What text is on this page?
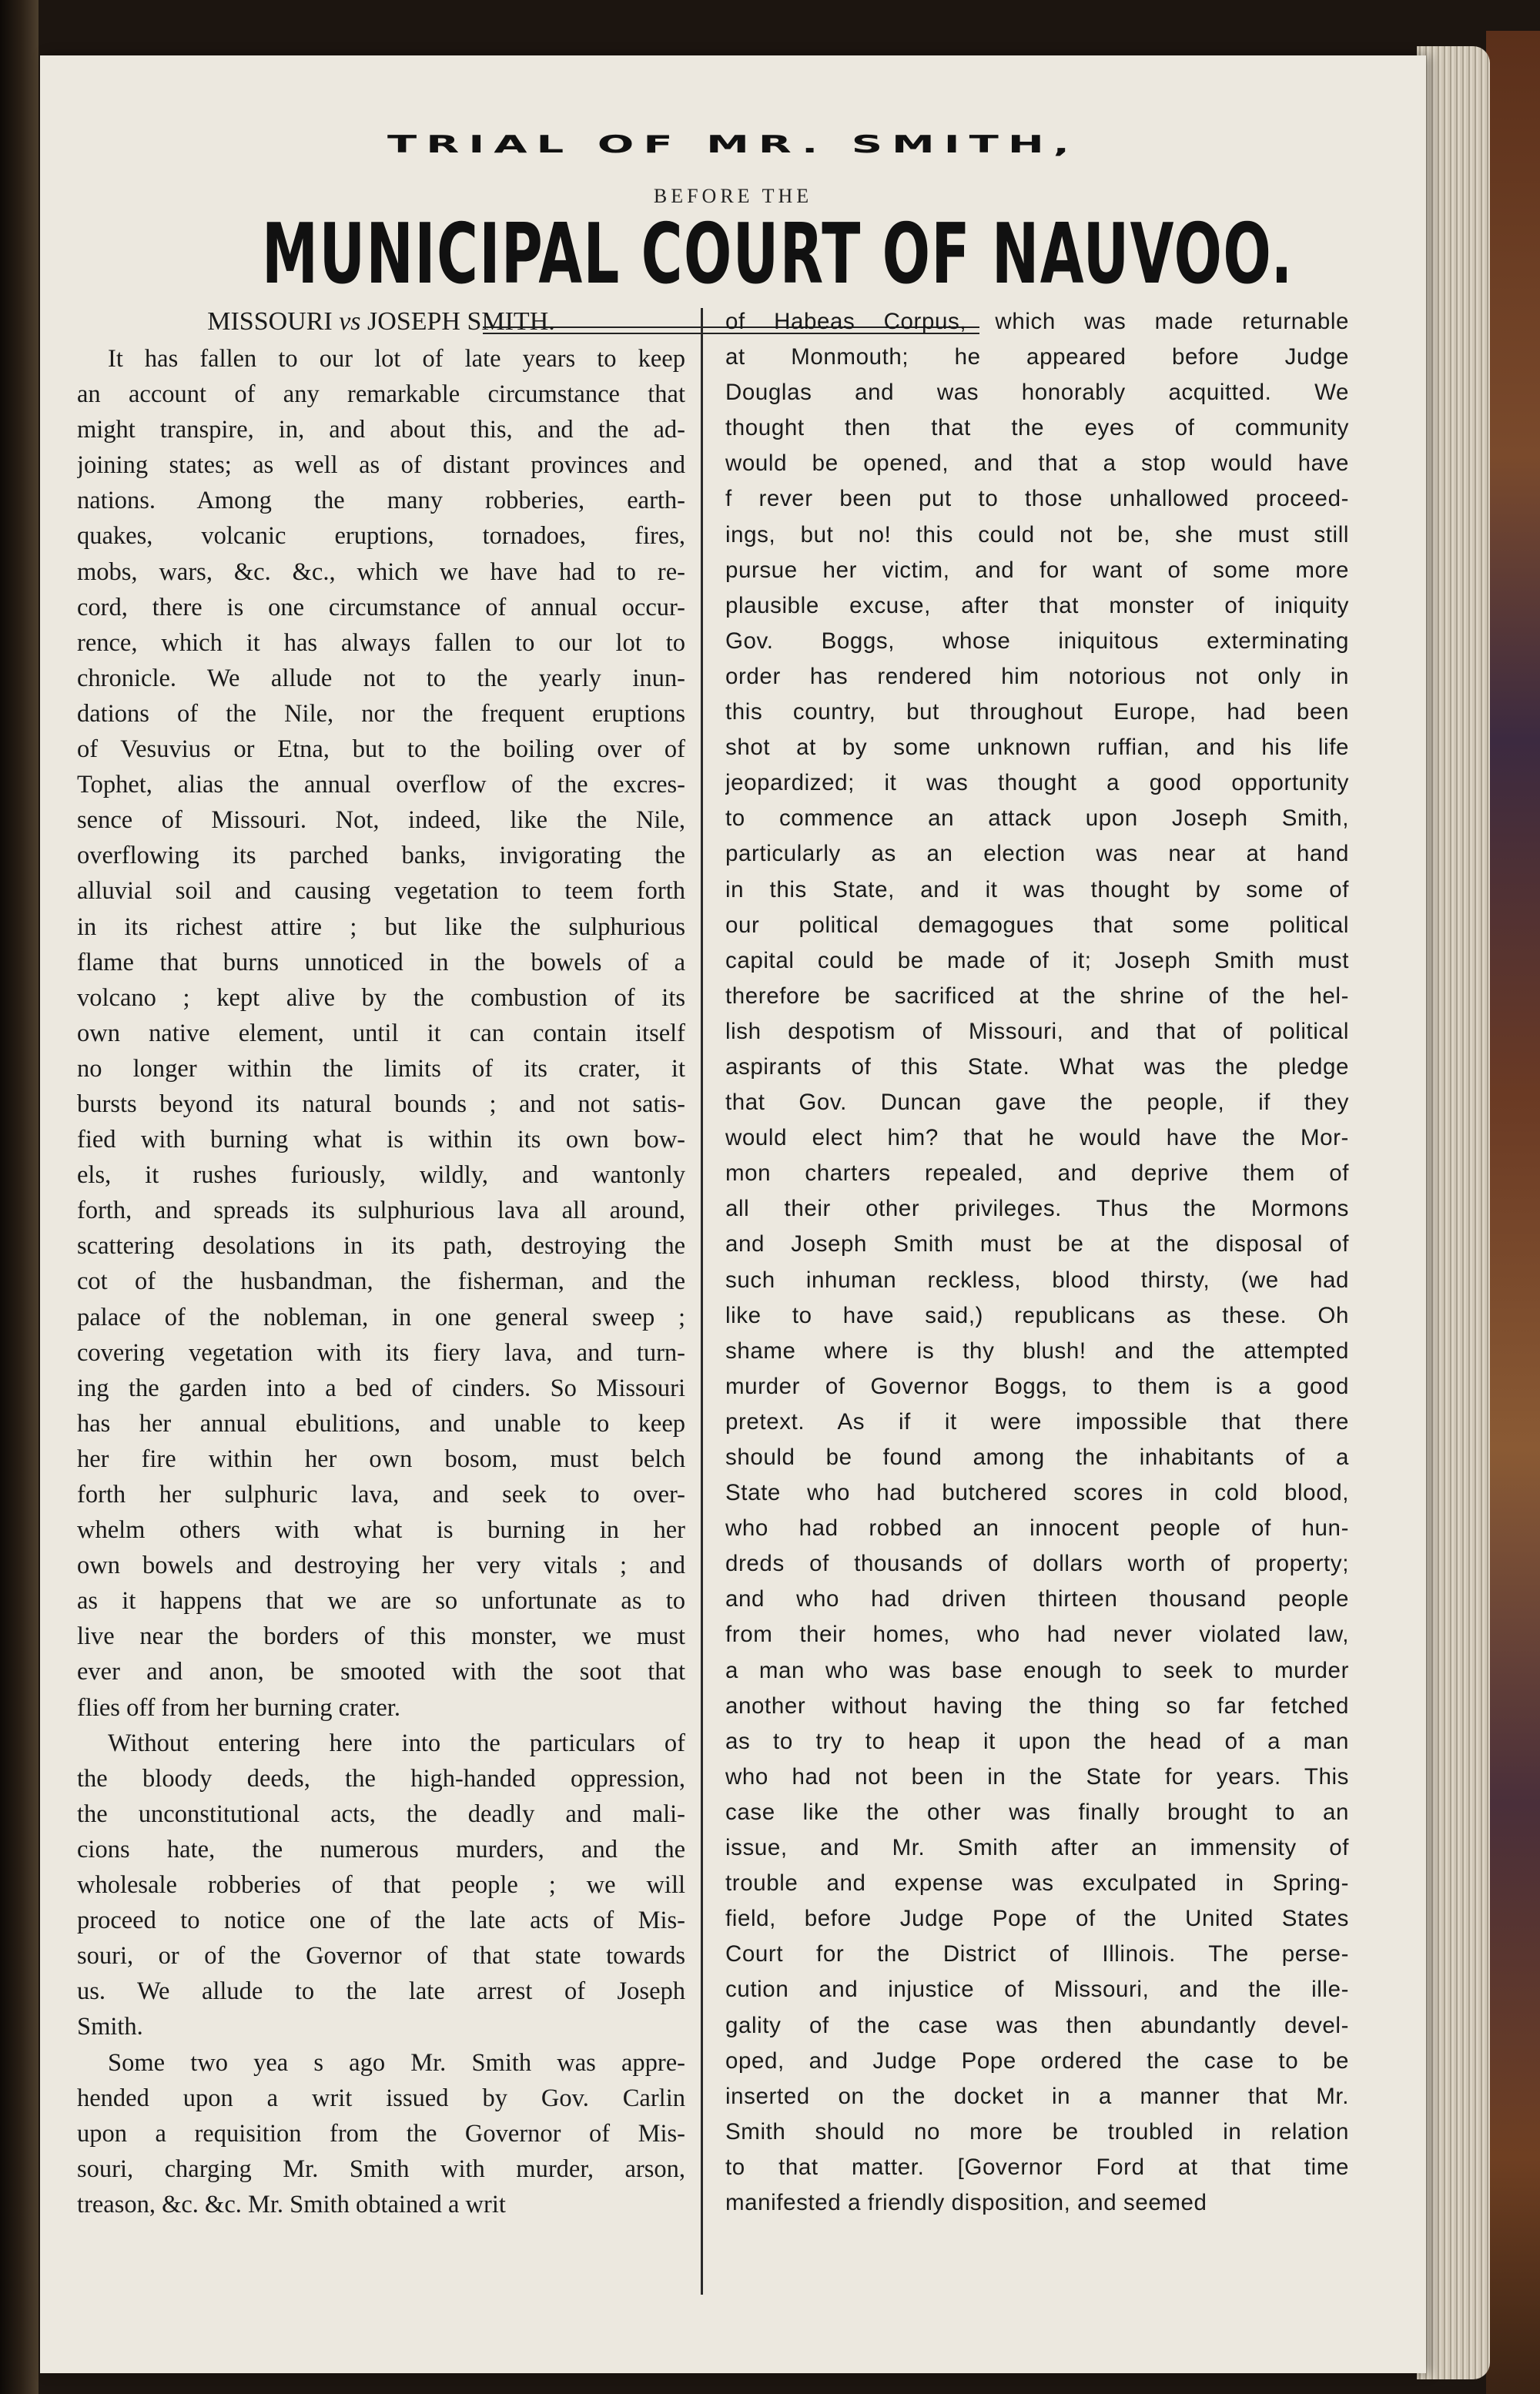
TRIAL OF MR. SMITH,
BEFORE THE
MUNICIPAL COURT OF NAUVOO.
MISSOURI vs JOSEPH SMITH.
It has fallen to our lot of late years to keep
an account of any remarkable circumstance that
might transpire, in, and about this, and the ad-
joining states; as well as of distant provinces and
nations. Among the many robberies, earth-
quakes, volcanic eruptions, tornadoes, fires,
mobs, wars, &c. &c., which we have had to re-
cord, there is one circumstance of annual occur-
rence, which it has always fallen to our lot to
chronicle. We allude not to the yearly inun-
dations of the Nile, nor the frequent eruptions
of Vesuvius or Etna, but to the boiling over of
Tophet, alias the annual overflow of the excres-
sence of Missouri. Not, indeed, like the Nile,
overflowing its parched banks, invigorating the
alluvial soil and causing vegetation to teem forth
in its richest attire ; but like the sulphurious
flame that burns unnoticed in the bowels of a
volcano ; kept alive by the combustion of its
own native element, until it can contain itself
no longer within the limits of its crater, it
bursts beyond its natural bounds ; and not satis-
fied with burning what is within its own bow-
els, it rushes furiously, wildly, and wantonly
forth, and spreads its sulphurious lava all around,
scattering desolations in its path, destroying the
cot of the husbandman, the fisherman, and the
palace of the nobleman, in one general sweep ;
covering vegetation with its fiery lava, and turn-
ing the garden into a bed of cinders. So Missouri
has her annual ebulitions, and unable to keep
her fire within her own bosom, must belch
forth her sulphuric lava, and seek to over-
whelm others with what is burning in her
own bowels and destroying her very vitals ; and
as it happens that we are so unfortunate as to
live near the borders of this monster, we must
ever and anon, be smooted with the soot that
flies off from her burning crater.
Without entering here into the particulars of
the bloody deeds, the high-handed oppression,
the unconstitutional acts, the deadly and mali-
cions hate, the numerous murders, and the
wholesale robberies of that people ; we will
proceed to notice one of the late acts of Mis-
souri, or of the Governor of that state towards
us. We allude to the late arrest of Joseph
Smith.
Some two yea s ago Mr. Smith was appre-
hended upon a writ issued by Gov. Carlin
upon a requisition from the Governor of Mis-
souri, charging Mr. Smith with murder, arson,
treason, &c. &c. Mr. Smith obtained a writ
of Habeas Corpus, which was made returnable
at Monmouth; he appeared before Judge
Douglas and was honorably acquitted. We
thought then that the eyes of community
would be opened, and that a stop would have
f rever been put to those unhallowed proceed-
ings, but no! this could not be, she must still
pursue her victim, and for want of some more
plausible excuse, after that monster of iniquity
Gov. Boggs, whose iniquitous exterminating
order has rendered him notorious not only in
this country, but throughout Europe, had been
shot at by some unknown ruffian, and his life
jeopardized; it was thought a good opportunity
to commence an attack upon Joseph Smith,
particularly as an election was near at hand
in this State, and it was thought by some of
our political demagogues that some political
capital could be made of it; Joseph Smith must
therefore be sacrificed at the shrine of the hel-
lish despotism of Missouri, and that of political
aspirants of this State. What was the pledge
that Gov. Duncan gave the people, if they
would elect him? that he would have the Mor-
mon charters repealed, and deprive them of
all their other privileges. Thus the Mormons
and Joseph Smith must be at the disposal of
such inhuman reckless, blood thirsty, (we had
like to have said,) republicans as these. Oh
shame where is thy blush! and the attempted
murder of Governor Boggs, to them is a good
pretext. As if it were impossible that there
should be found among the inhabitants of a
State who had butchered scores in cold blood,
who had robbed an innocent people of hun-
dreds of thousands of dollars worth of property;
and who had driven thirteen thousand people
from their homes, who had never violated law,
a man who was base enough to seek to murder
another without having the thing so far fetched
as to try to heap it upon the head of a man
who had not been in the State for years. This
case like the other was finally brought to an
issue, and Mr. Smith after an immensity of
trouble and expense was exculpated in Spring-
field, before Judge Pope of the United States
Court for the District of Illinois. The perse-
cution and injustice of Missouri, and the ille-
gality of the case was then abundantly devel-
oped, and Judge Pope ordered the case to be
inserted on the docket in a manner that Mr.
Smith should no more be troubled in relation
to that matter. [Governor Ford at that time
manifested a friendly disposition, and seemed
